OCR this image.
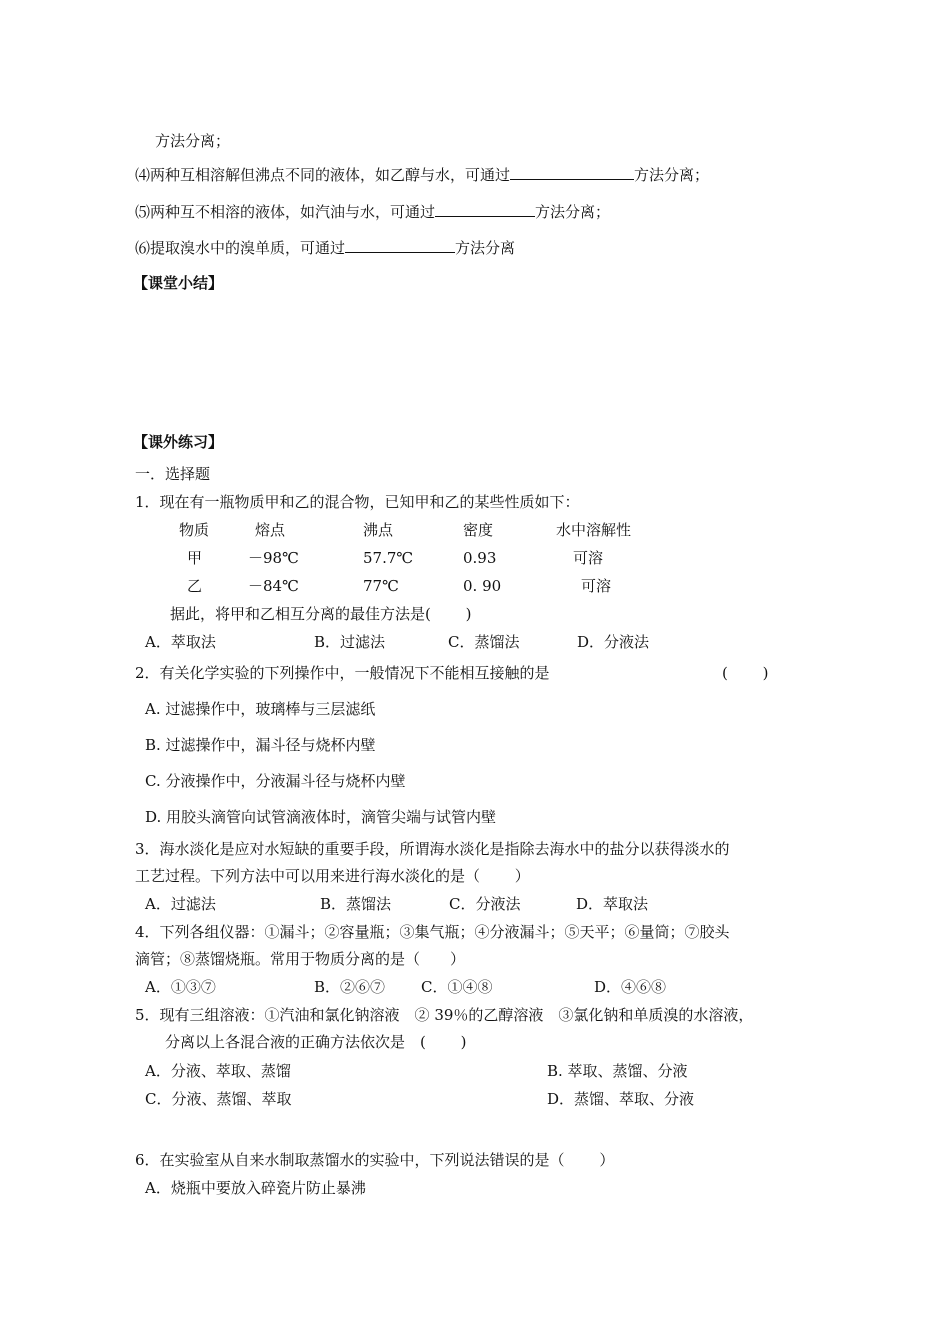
方法分离；
⑷两种互相溶解但沸点不同的液体，如乙醇与水，可通过	方法分离；
⑸两种互不相溶的液体，如汽油与水，可通过	方法分离；
⑹提取溴水中的溴单质，可通过	方法分离
【课堂小结】
【课外练习】
一．选择题
1．现在有一瓶物质甲和乙的混合物，已知甲和乙的某些性质如下：
物质	熔点	沸点	密度	水中溶解性
甲	－98℃	57.7℃	0.93	可溶
乙	－84℃	77℃	0. 90	可溶
据此，将甲和乙相互分离的最佳方法是(　　 )
A．萃取法	B．过滤法	C．蒸馏法	D．分液法
2．有关化学实验的下列操作中，一般情况下不能相互接触的是	(　　 )
A. 过滤操作中，玻璃棒与三层滤纸
B. 过滤操作中，漏斗径与烧杯内壁
C. 分液操作中，分液漏斗径与烧杯内壁
D. 用胶头滴管向试管滴液体时，滴管尖端与试管内壁
3．海水淡化是应对水短缺的重要手段，所谓海水淡化是指除去海水中的盐分以获得淡水的
工艺过程。下列方法中可以用来进行海水淡化的是（　　 ）
A．过滤法	B．蒸馏法	C．分液法	D．萃取法
4．下列各组仪器：①漏斗；②容量瓶；③集气瓶；④分液漏斗；⑤天平；⑥量筒；⑦胶头
滴管；⑧蒸馏烧瓶。常用于物质分离的是（　　）
A．①③⑦	B．②⑥⑦ C．①④⑧	D．④⑥⑧
5．现有三组溶液：①汽油和氯化钠溶液　② 39％的乙醇溶液　③氯化钠和单质溴的水溶液，
分离以上各混合液的正确方法依次是　(　　 )
A．分液、萃取、蒸馏	B. 萃取、蒸馏、分液
C．分液、蒸馏、萃取	D．蒸馏、萃取、分液
6．在实验室从自来水制取蒸馏水的实验中，下列说法错误的是（　　 ）
A．烧瓶中要放入碎瓷片防止暴沸
